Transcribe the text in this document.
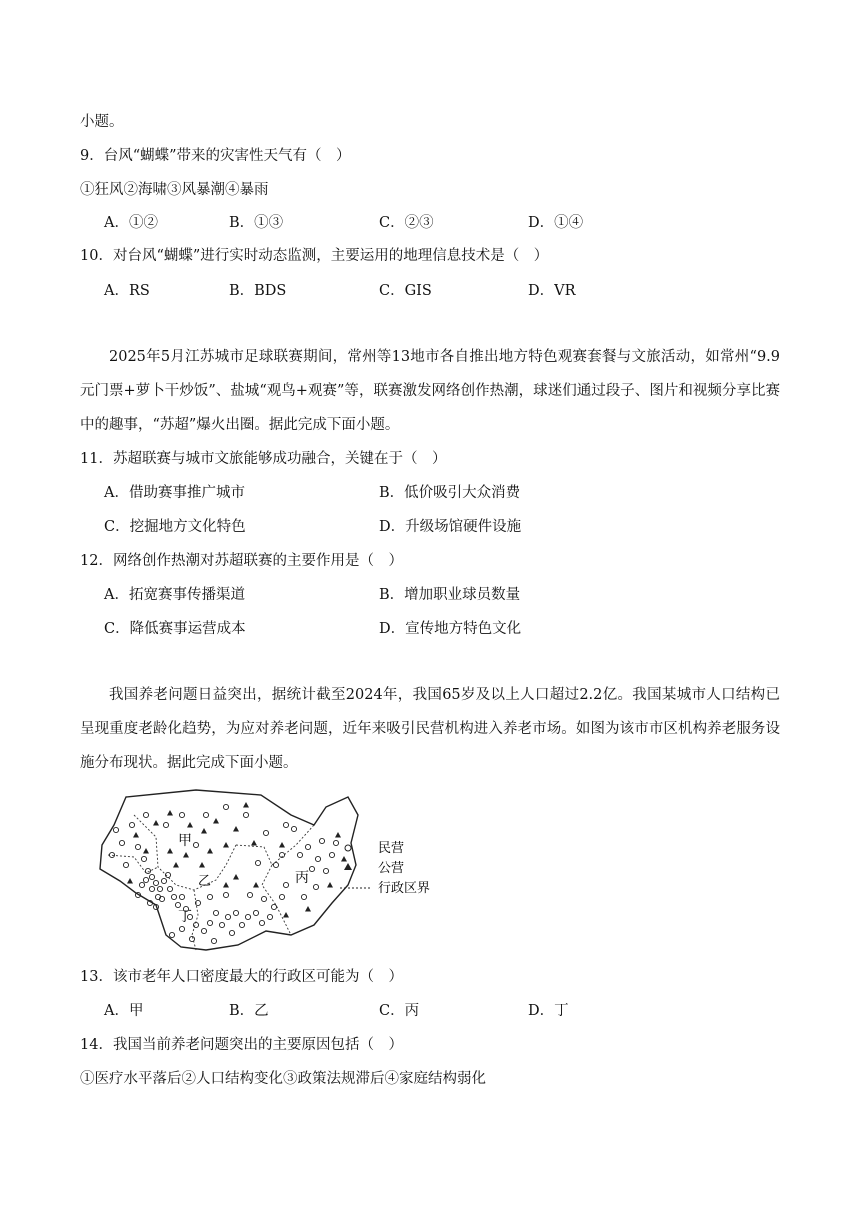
小题。
9．台风“蝴蝶”带来的灾害性天气有（　）
①狂风②海啸③风暴潮④暴雨
A．①②	B．①③	C．②③	D．①④
10．对台风“蝴蝶”进行实时动态监测，主要运用的地理信息技术是（　）
A．RS	B．BDS	C．GIS	D．VR
2025年5月江苏城市足球联赛期间，常州等13地市各自推出地方特色观赛套餐与文旅活动，如常州“9.9元门票+萝卜干炒饭”、盐城“观鸟+观赛”等，联赛激发网络创作热潮，球迷们通过段子、图片和视频分享比赛中的趣事，“苏超”爆火出圈。据此完成下面小题。
11．苏超联赛与城市文旅能够成功融合，关键在于（　）
A．借助赛事推广城市	B．低价吸引大众消费
C．挖掘地方文化特色	D．升级场馆硬件设施
12．网络创作热潮对苏超联赛的主要作用是（　）
A．拓宽赛事传播渠道	B．增加职业球员数量
C．降低赛事运营成本	D．宣传地方特色文化
我国养老问题日益突出，据统计截至2024年，我国65岁及以上人口超过2.2亿。我国某城市人口结构已呈现重度老龄化趋势，为应对养老问题，近年来吸引民营机构进入养老市场。如图为该市市区机构养老服务设施分布现状。据此完成下面小题。
甲
乙	丙
丁
民营
公营
行政区界
13．该市老年人口密度最大的行政区可能为（　）
A．甲	B．乙	C．丙	D．丁
14．我国当前养老问题突出的主要原因包括（　）
①医疗水平落后②人口结构变化③政策法规滞后④家庭结构弱化
